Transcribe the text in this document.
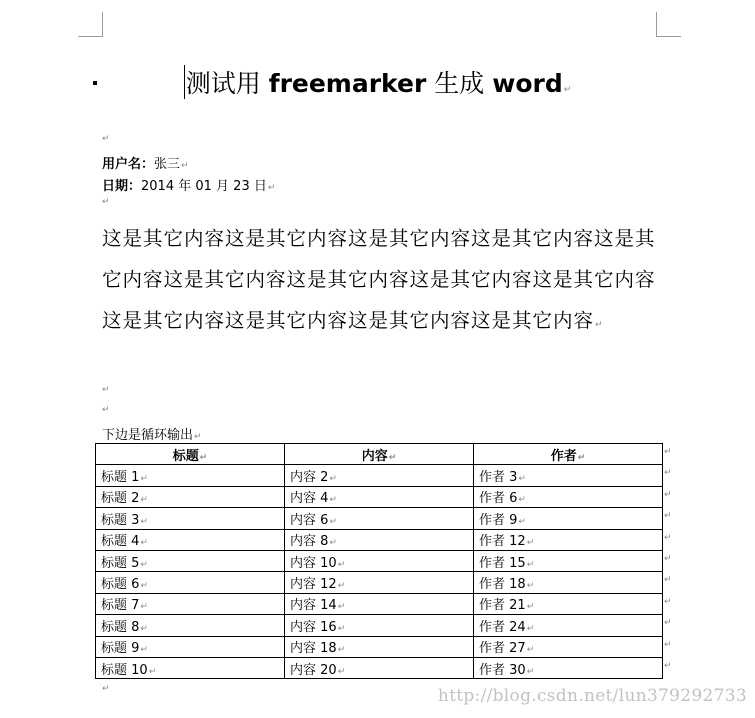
测试用 freemarker 生成 word↵
↵
用户名：张三↵
日期：2014 年 01 月 23 日↵
↵
这是其它内容这是其它内容这是其它内容这是其它内容这是其它内容这是其它内容这是其它内容这是其它内容这是其它内容这是其它内容这是其它内容这是其它内容这是其它内容↵
↵
↵
下边是循环输出↵
标题↵	内容↵	作者↵
标题 1↵	内容 2↵	作者 3↵
标题 2↵	内容 4↵	作者 6↵
标题 3↵	内容 6↵	作者 9↵
标题 4↵	内容 8↵	作者 12↵
标题 5↵	内容 10↵	作者 15↵
标题 6↵	内容 12↵	作者 18↵
标题 7↵	内容 14↵	作者 21↵
标题 8↵	内容 16↵	作者 24↵
标题 9↵	内容 18↵	作者 27↵
标题 10↵	内容 20↵	作者 30↵
↵
↵
↵
↵
↵
↵
↵
↵
↵
↵
↵
↵	http://blog.csdn.net/lun379292733
